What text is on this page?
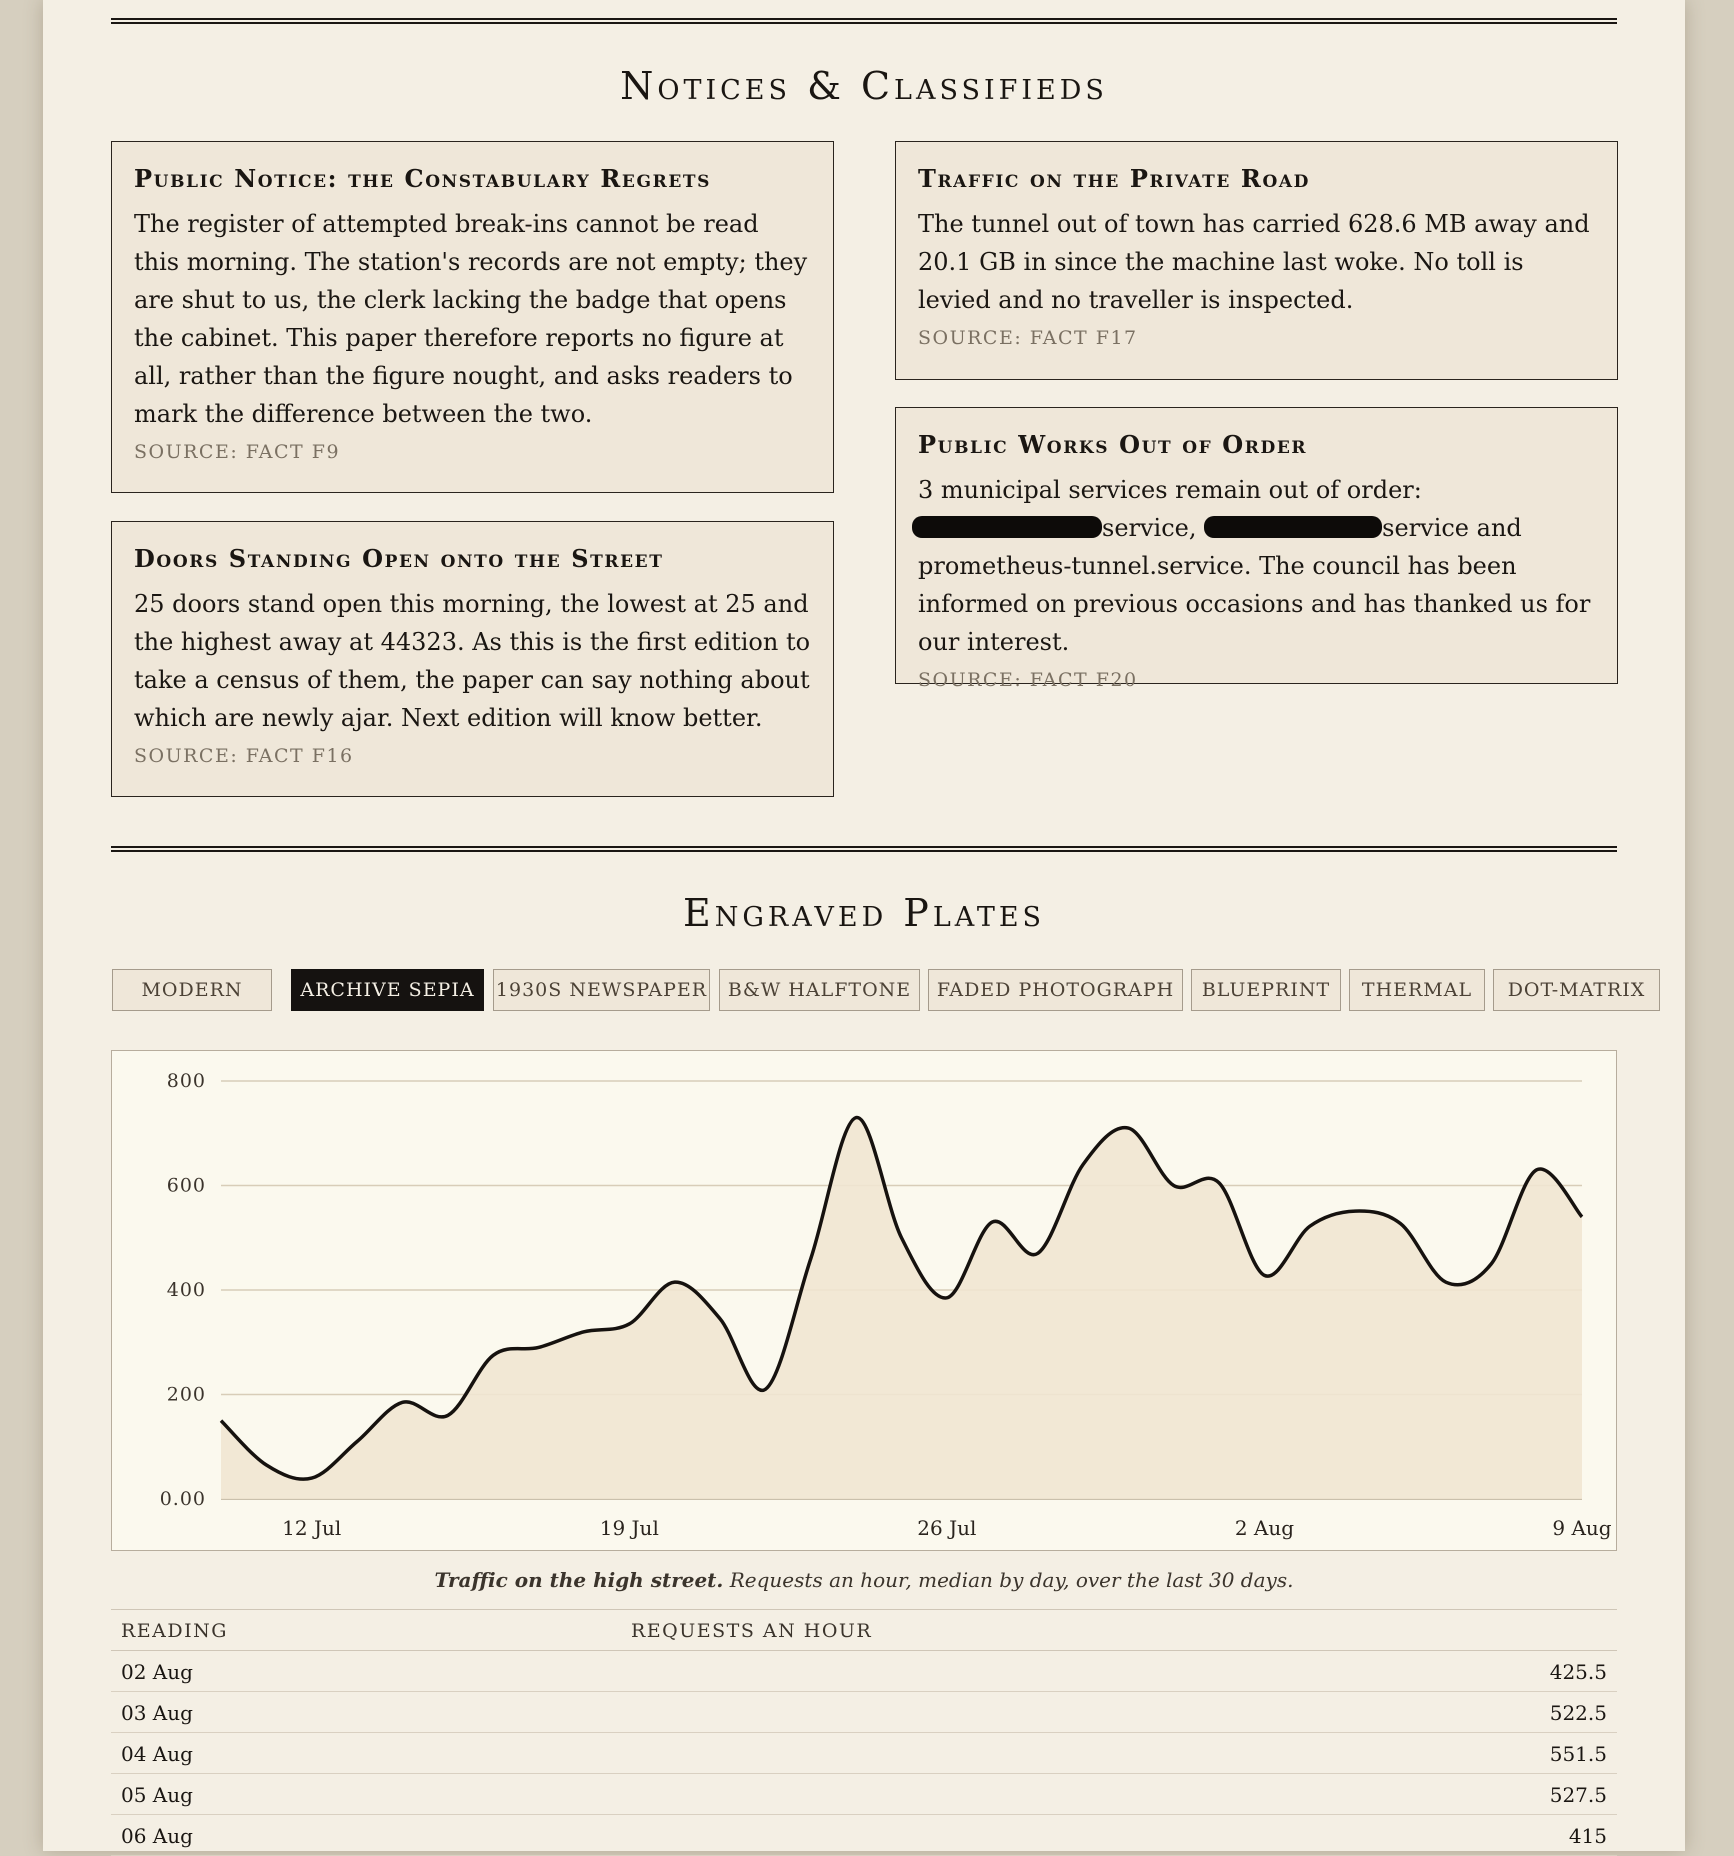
Notices & Classifieds
Public Notice: the Constabulary Regrets

The register of attempted break-ins cannot be read this morning. The station's records are not empty; they are shut to us, the clerk lacking the badge that opens the cabinet. This paper therefore reports no figure at all, rather than the figure nought, and asks readers to mark the difference between the two.

SOURCE: FACT F9
Doors Standing Open onto the Street

25 doors stand open this morning, the lowest at 25 and the highest away at 44323. As this is the first edition to take a census of them, the paper can say nothing about which are newly ajar. Next edition will know better.

SOURCE: FACT F16
Traffic on the Private Road

The tunnel out of town has carried 628.6 MB away and 20.1 GB in since the machine last woke. No toll is levied and no traveller is inspected.

SOURCE: FACT F17
Public Works Out of Order

3 municipal services remain out of order:
service,	service and prometheus-tunnel.service. The council has been informed on previous occasions and has thanked us for our interest.

SOURCE: FACT F20
Engraved Plates
MODERN	ARCHIVE SEPIA	1930S NEWSPAPER	B&W HALFTONE	FADED PHOTOGRAPH	BLUEPRINT	THERMAL	DOT-MATRIX
0.00
200
400
600
800
12 Jul	19 Jul	26 Jul	2 Aug	9 Aug
Traffic on the high street. Requests an hour, median by day, over the last 30 days.
READING	REQUESTS AN HOUR	
02 Aug		425.5
03 Aug		522.5
04 Aug		551.5
05 Aug		527.5
06 Aug		415
